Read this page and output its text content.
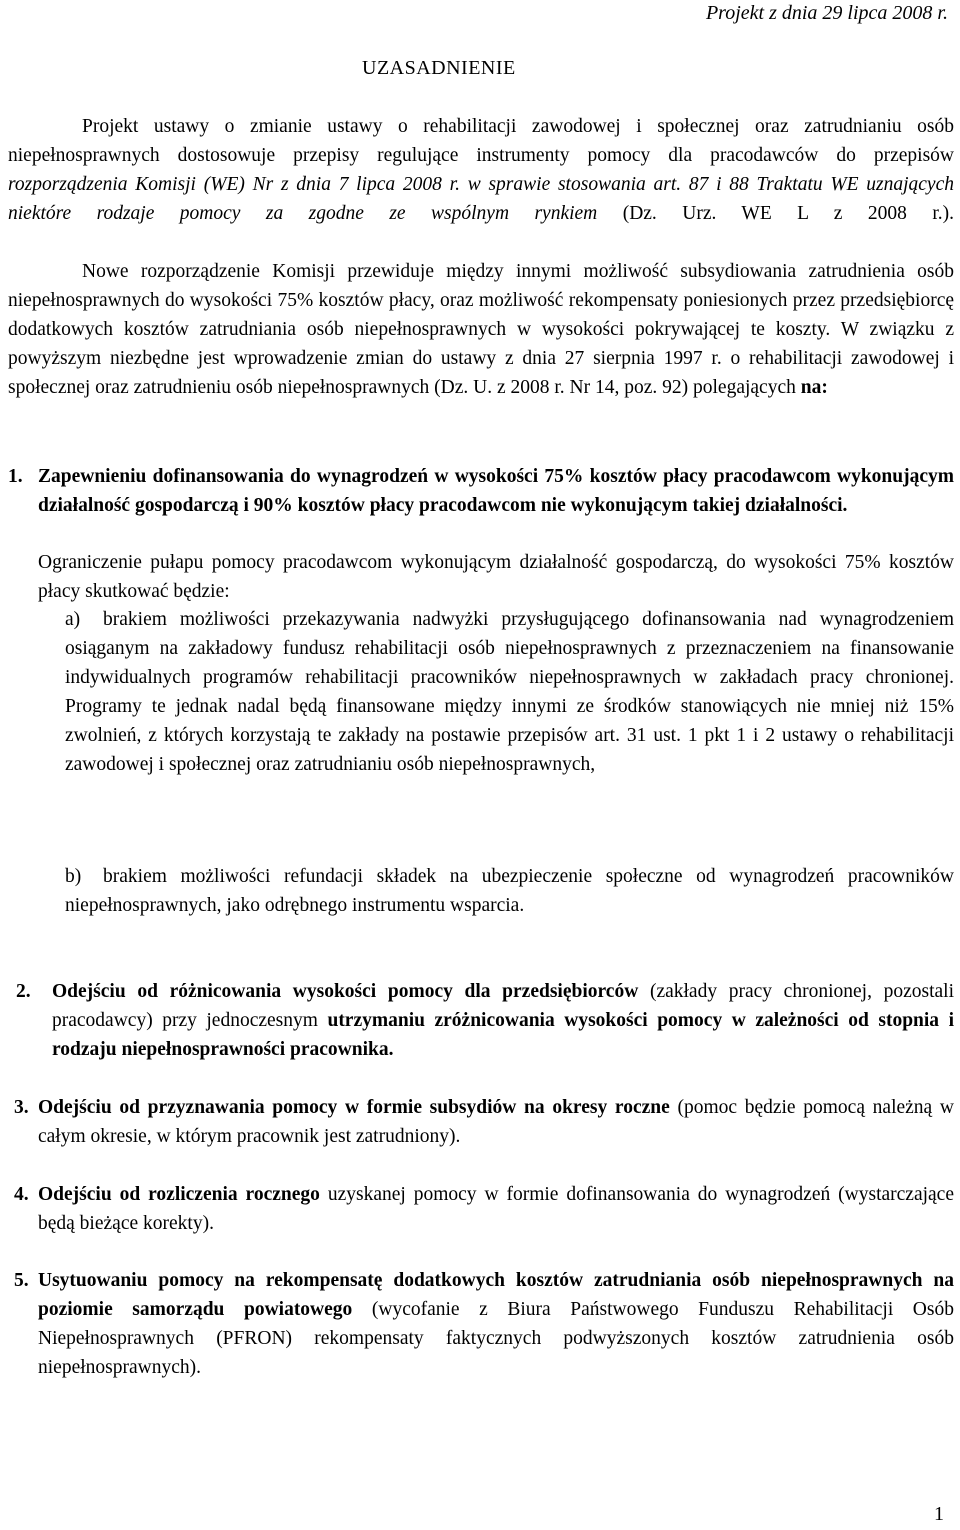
Projekt z dnia 29 lipca 2008 r.
UZASADNIENIE

Projekt ustawy o zmianie ustawy o rehabilitacji zawodowej i społecznej oraz zatrudnianiu osób niepełnosprawnych dostosowuje przepisy regulujące instrumenty pomocy dla pracodawców do przepisów rozporządzenia Komisji (WE) Nr z dnia 7 lipca 2008 r. w sprawie stosowania art. 87 i 88 Traktatu WE uznających niektóre rodzaje pomocy za zgodne ze wspólnym rynkiem (Dz. Urz. WE L z 2008 r.).

Nowe rozporządzenie Komisji przewiduje między innymi możliwość subsydiowania zatrudnienia osób niepełnosprawnych do wysokości 75% kosztów płacy, oraz możliwość rekompensaty poniesionych przez przedsiębiorcę dodatkowych kosztów zatrudniania osób niepełnosprawnych w wysokości pokrywającej te koszty. W związku z powyższym niezbędne jest wprowadzenie zmian do ustawy z dnia 27 sierpnia 1997 r. o rehabilitacji zawodowej i społecznej oraz zatrudnieniu osób niepełnosprawnych (Dz. U. z 2008 r. Nr 14, poz. 92) polegających na:

1. Zapewnieniu dofinansowania do wynagrodzeń w wysokości 75% kosztów płacy pracodawcom wykonującym działalność gospodarczą i 90% kosztów płacy pracodawcom nie wykonującym takiej działalności.

Ograniczenie pułapu pomocy pracodawcom wykonującym działalność gospodarczą, do wysokości 75% kosztów płacy skutkować będzie:

a) brakiem możliwości przekazywania nadwyżki przysługującego dofinansowania nad wynagrodzeniem osiąganym na zakładowy fundusz rehabilitacji osób niepełnosprawnych z przeznaczeniem na finansowanie indywidualnych programów rehabilitacji pracowników niepełnosprawnych w zakładach pracy chronionej. Programy te jednak nadal będą finansowane między innymi ze środków stanowiących nie mniej niż 15% zwolnień, z których korzystają te zakłady na postawie przepisów art. 31 ust. 1 pkt 1 i 2 ustawy o rehabilitacji zawodowej i społecznej oraz zatrudnianiu osób niepełnosprawnych,

b) brakiem możliwości refundacji składek na ubezpieczenie społeczne od wynagrodzeń pracowników niepełnosprawnych, jako odrębnego instrumentu wsparcia.

2. Odejściu od różnicowania wysokości pomocy dla przedsiębiorców (zakłady pracy chronionej, pozostali pracodawcy) przy jednoczesnym utrzymaniu zróżnicowania wysokości pomocy w zależności od stopnia i rodzaju niepełnosprawności pracownika.

3. Odejściu od przyznawania pomocy w formie subsydiów na okresy roczne (pomoc będzie pomocą należną w całym okresie, w którym pracownik jest zatrudniony).

4. Odejściu od rozliczenia rocznego uzyskanej pomocy w formie dofinansowania do wynagrodzeń (wystarczające będą bieżące korekty).

5. Usytuowaniu pomocy na rekompensatę dodatkowych kosztów zatrudniania osób niepełnosprawnych na poziomie samorządu powiatowego (wycofanie z Biura Państwowego Funduszu Rehabilitacji Osób Niepełnosprawnych (PFRON) rekompensaty faktycznych podwyższonych kosztów zatrudnienia osób niepełnosprawnych).

1
